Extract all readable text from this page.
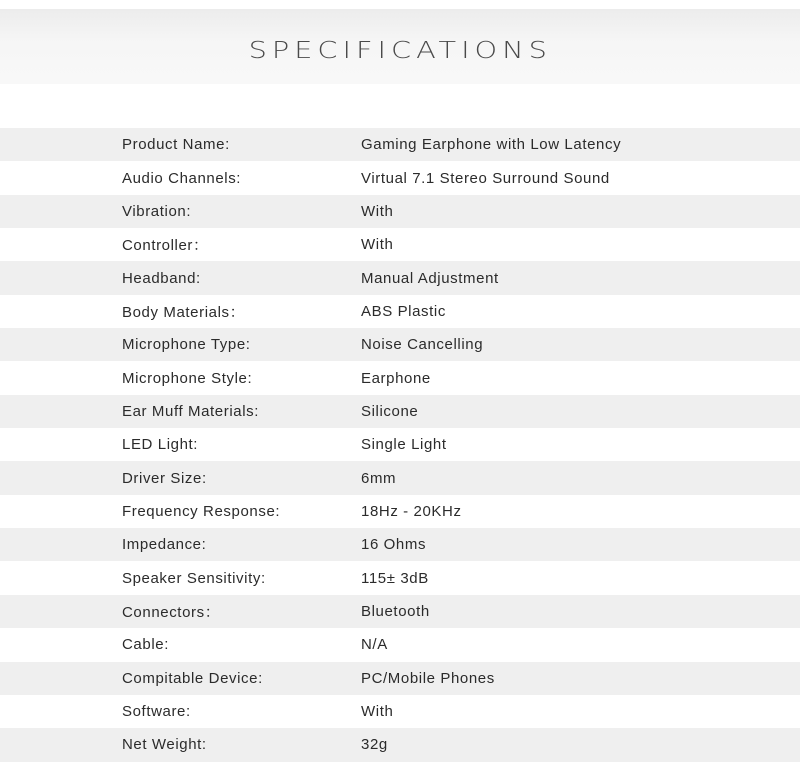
SPECIFICATIONS
Product Name:	Gaming Earphone with Low Latency
Audio Channels:	Virtual 7.1 Stereo Surround Sound
Vibration:	With
Controller：	With
Headband:	Manual Adjustment
Body Materials：	ABS Plastic
Microphone Type:	Noise Cancelling
Microphone Style:	Earphone
Ear Muff Materials:	Silicone
LED Light:	Single Light
Driver Size:	6mm
Frequency Response:	18Hz - 20KHz
Impedance:	16 Ohms
Speaker Sensitivity:	115± 3dB
Connectors：	Bluetooth
Cable:	N/A
Compitable Device:	PC/Mobile Phones
Software:	With
Net Weight:	32g
